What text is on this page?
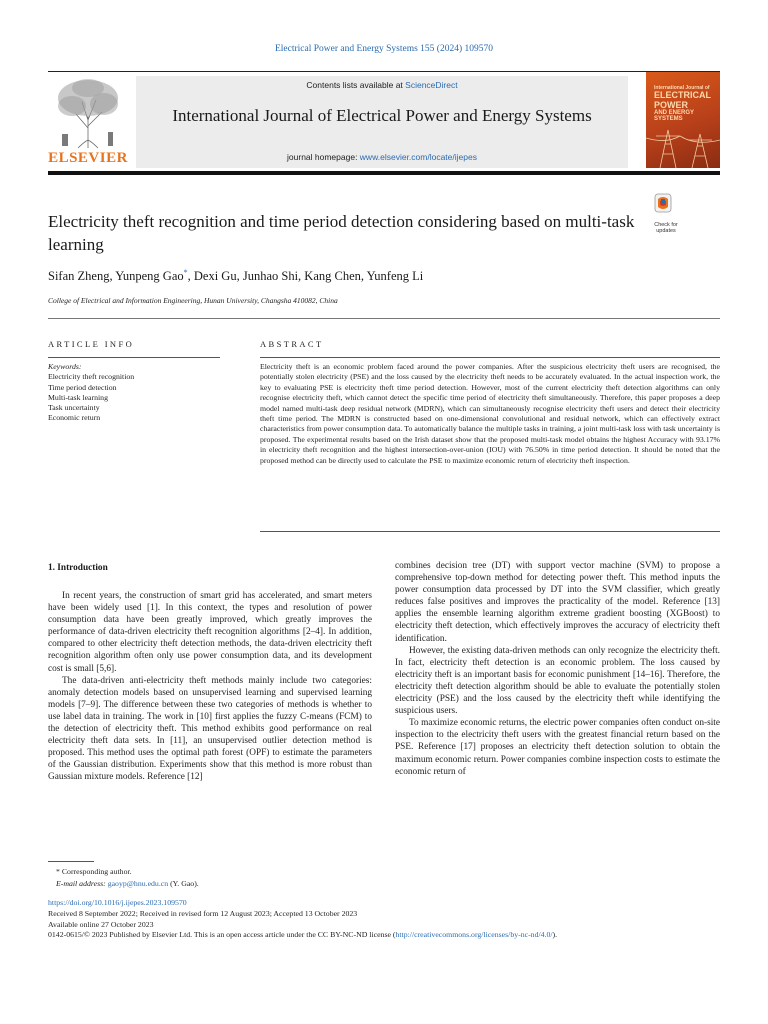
Electrical Power and Energy Systems 155 (2024) 109570
ELSEVIER
Contents lists available at ScienceDirect
International Journal of Electrical Power and Energy Systems
journal homepage: www.elsevier.com/locate/ijepes
International Journal of
ELECTRICAL
POWER
AND ENERGY
SYSTEMS
Electricity theft recognition and time period detection considering based on multi-task learning
Check for updates
Sifan Zheng, Yunpeng Gao*, Dexi Gu, Junhao Shi, Kang Chen, Yunfeng Li
College of Electrical and Information Engineering, Hunan University, Changsha 410082, China
ARTICLE INFO	ABSTRACT
Keywords:
Electricity theft recognition
Time period detection
Multi-task learning
Task uncertainty
Economic return
Electricity theft is an economic problem faced around the power companies. After the suspicious electricity theft users are recognised, the potentially stolen electricity (PSE) and the loss caused by the electricity theft needs to be accurately evaluated. In the actual inspection work, the key to evaluating PSE is electricity theft time period detection. However, most of the current electricity theft detection algorithms can only recognise electricity theft, which cannot detect the specific time period of electricity theft simultaneously. Therefore, this paper proposes a deep model named multi-task deep residual network (MDRN), which can simultaneously recognise electricity theft users and detect their electricity theft time period. The MDRN is constructed based on one-dimensional convolutional and residual network, which can effectively extract characteristics from power consumption data. To automatically balance the multiple tasks in training, a joint multi-task loss with task uncertainty is proposed. The experimental results based on the Irish dataset show that the proposed multi-task model obtains the highest Accuracy with 93.17% in electricity theft recognition and the highest intersection-over-union (IOU) with 76.50% in time period detection. It should be noted that the proposed method can be directly used to calculate the PSE to maximize economic return of electricity theft inspection.
1. Introduction

In recent years, the construction of smart grid has accelerated, and smart meters have been widely used [1]. In this context, the types and resolution of power consumption data have been greatly improved, which greatly improves the performance of data-driven electricity theft recognition algorithms [2–4]. In addition, compared to other electricity theft detection methods, the data-driven electricity theft recognition algorithm often only use power consumption data, and its development cost is small [5,6].

The data-driven anti-electricity theft methods mainly include two categories: anomaly detection models based on unsupervised learning and supervised learning models [7–9]. The difference between these two categories of methods is whether to use label data in training. The work in [10] first applies the fuzzy C-means (FCM) to the detection of electricity theft. This method exhibits good performance on real electricity theft data sets. In [11], an unsupervised outlier detection method is proposed. This method uses the optimal path forest (OPF) to estimate the parameters of the Gaussian distribution. Experiments show that this method is more robust than Gaussian mixture models. Reference [12]

combines decision tree (DT) with support vector machine (SVM) to propose a comprehensive top-down method for detecting power theft. This method inputs the power consumption data processed by DT into the SVM classifier, which greatly reduces false positives and improves the practicality of the model. Reference [13] applies the ensemble learning algorithm extreme gradient boosting (XGBoost) to electricity theft detection, which effectively improves the accuracy of electricity theft identification.

However, the existing data-driven methods can only recognize the electricity theft. In fact, electricity theft detection is an economic problem. The loss caused by electricity theft is an important basis for economic punishment [14–16]. Therefore, the electricity theft detection algorithm should be able to evaluate the potentially stolen electricity (PSE) and the loss caused by the electricity theft while identifying the suspicious users.

To maximize economic returns, the electric power companies often conduct on-site inspection to the electricity theft users with the greatest financial return based on the PSE. Reference [17] proposes an electricity theft detection solution to obtain the maximum economic return. Power companies combine inspection costs to estimate the economic return of

* Corresponding author.
E-mail address: gaoyp@hnu.edu.cn (Y. Gao).
https://doi.org/10.1016/j.ijepes.2023.109570
Received 8 September 2022; Received in revised form 12 August 2023; Accepted 13 October 2023
Available online 27 October 2023
0142-0615/© 2023 Published by Elsevier Ltd. This is an open access article under the CC BY-NC-ND license (http://creativecommons.org/licenses/by-nc-nd/4.0/).
